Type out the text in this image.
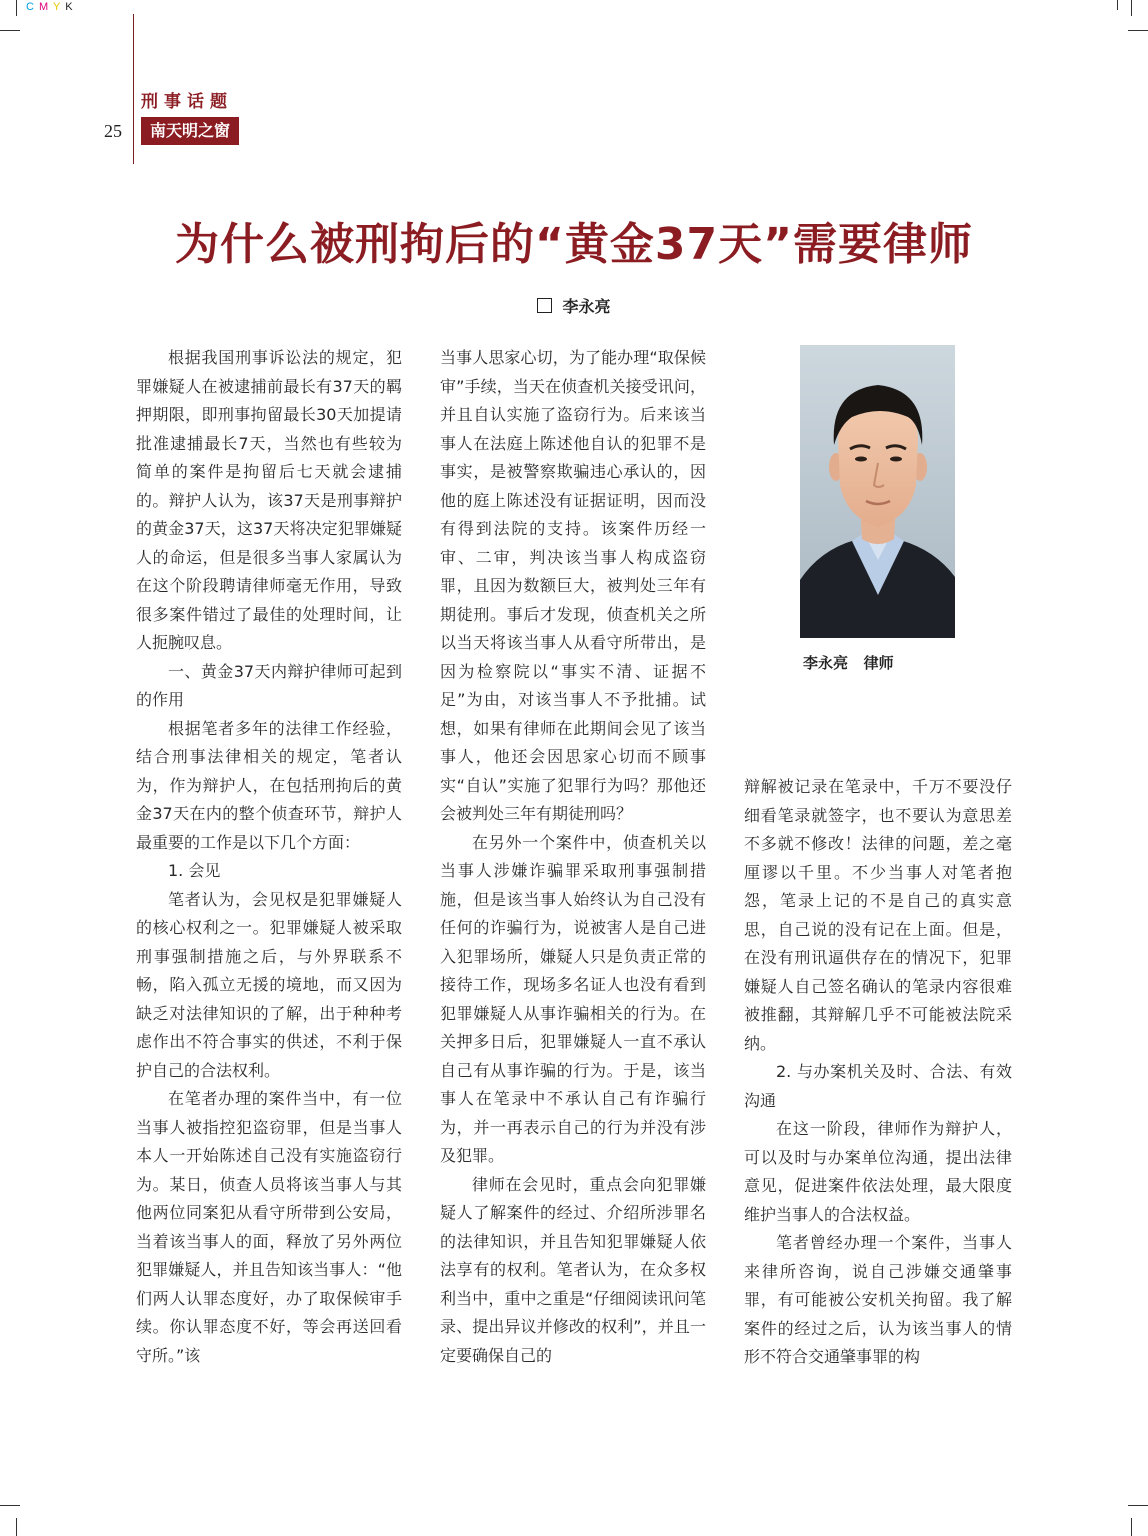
C M Y K
刑事话题
25	南天明之窗
为什么被刑拘后的“黄金37天”需要律师
李永亮

根据我国刑事诉讼法的规定，犯罪嫌疑人在被逮捕前最长有37天的羁押期限，即刑事拘留最长30天加提请批准逮捕最长7天，当然也有些较为简单的案件是拘留后七天就会逮捕的。辩护人认为，该37天是刑事辩护的黄金37天，这37天将决定犯罪嫌疑人的命运，但是很多当事人家属认为在这个阶段聘请律师毫无作用，导致很多案件错过了最佳的处理时间，让人扼腕叹息。

一、黄金37天内辩护律师可起到的作用

根据笔者多年的法律工作经验，结合刑事法律相关的规定，笔者认为，作为辩护人，在包括刑拘后的黄金37天在内的整个侦查环节，辩护人最重要的工作是以下几个方面：

1. 会见

笔者认为，会见权是犯罪嫌疑人的核心权利之一。犯罪嫌疑人被采取刑事强制措施之后，与外界联系不畅，陷入孤立无援的境地，而又因为缺乏对法律知识的了解，出于种种考虑作出不符合事实的供述，不利于保护自己的合法权利。

在笔者办理的案件当中，有一位当事人被指控犯盗窃罪，但是当事人本人一开始陈述自己没有实施盗窃行为。某日，侦查人员将该当事人与其他两位同案犯从看守所带到公安局，当着该当事人的面，释放了另外两位犯罪嫌疑人，并且告知该当事人：“他们两人认罪态度好，办了取保候审手续。你认罪态度不好，等会再送回看守所。”该

当事人思家心切，为了能办理“取保候审”手续，当天在侦查机关接受讯问，并且自认实施了盗窃行为。后来该当事人在法庭上陈述他自认的犯罪不是事实，是被警察欺骗违心承认的，因他的庭上陈述没有证据证明，因而没有得到法院的支持。该案件历经一审、二审，判决该当事人构成盗窃罪，且因为数额巨大，被判处三年有期徒刑。事后才发现，侦查机关之所以当天将该当事人从看守所带出，是因为检察院以“事实不清、证据不足”为由，对该当事人不予批捕。试想，如果有律师在此期间会见了该当事人，他还会因思家心切而不顾事实“自认”实施了犯罪行为吗？那他还会被判处三年有期徒刑吗？

在另外一个案件中，侦查机关以当事人涉嫌诈骗罪采取刑事强制措施，但是该当事人始终认为自己没有任何的诈骗行为，说被害人是自己进入犯罪场所，嫌疑人只是负责正常的接待工作，现场多名证人也没有看到犯罪嫌疑人从事诈骗相关的行为。在关押多日后，犯罪嫌疑人一直不承认自己有从事诈骗的行为。于是，该当事人在笔录中不承认自己有诈骗行为，并一再表示自己的行为并没有涉及犯罪。

律师在会见时，重点会向犯罪嫌疑人了解案件的经过、介绍所涉罪名的法律知识，并且告知犯罪嫌疑人依法享有的权利。笔者认为，在众多权利当中，重中之重是“仔细阅读讯问笔录、提出异议并修改的权利”，并且一定要确保自己的

辩解被记录在笔录中，千万不要没仔细看笔录就签字，也不要认为意思差不多就不修改！法律的问题，差之毫厘谬以千里。不少当事人对笔者抱怨，笔录上记的不是自己的真实意思，自己说的没有记在上面。但是，在没有刑讯逼供存在的情况下，犯罪嫌疑人自己签名确认的笔录内容很难被推翻，其辩解几乎不可能被法院采纳。

2. 与办案机关及时、合法、有效沟通

在这一阶段，律师作为辩护人，可以及时与办案单位沟通，提出法律意见，促进案件依法处理，最大限度维护当事人的合法权益。

笔者曾经办理一个案件，当事人来律所咨询，说自己涉嫌交通肇事罪，有可能被公安机关拘留。我了解案件的经过之后，认为该当事人的情形不符合交通肇事罪的构

李永亮   律师
